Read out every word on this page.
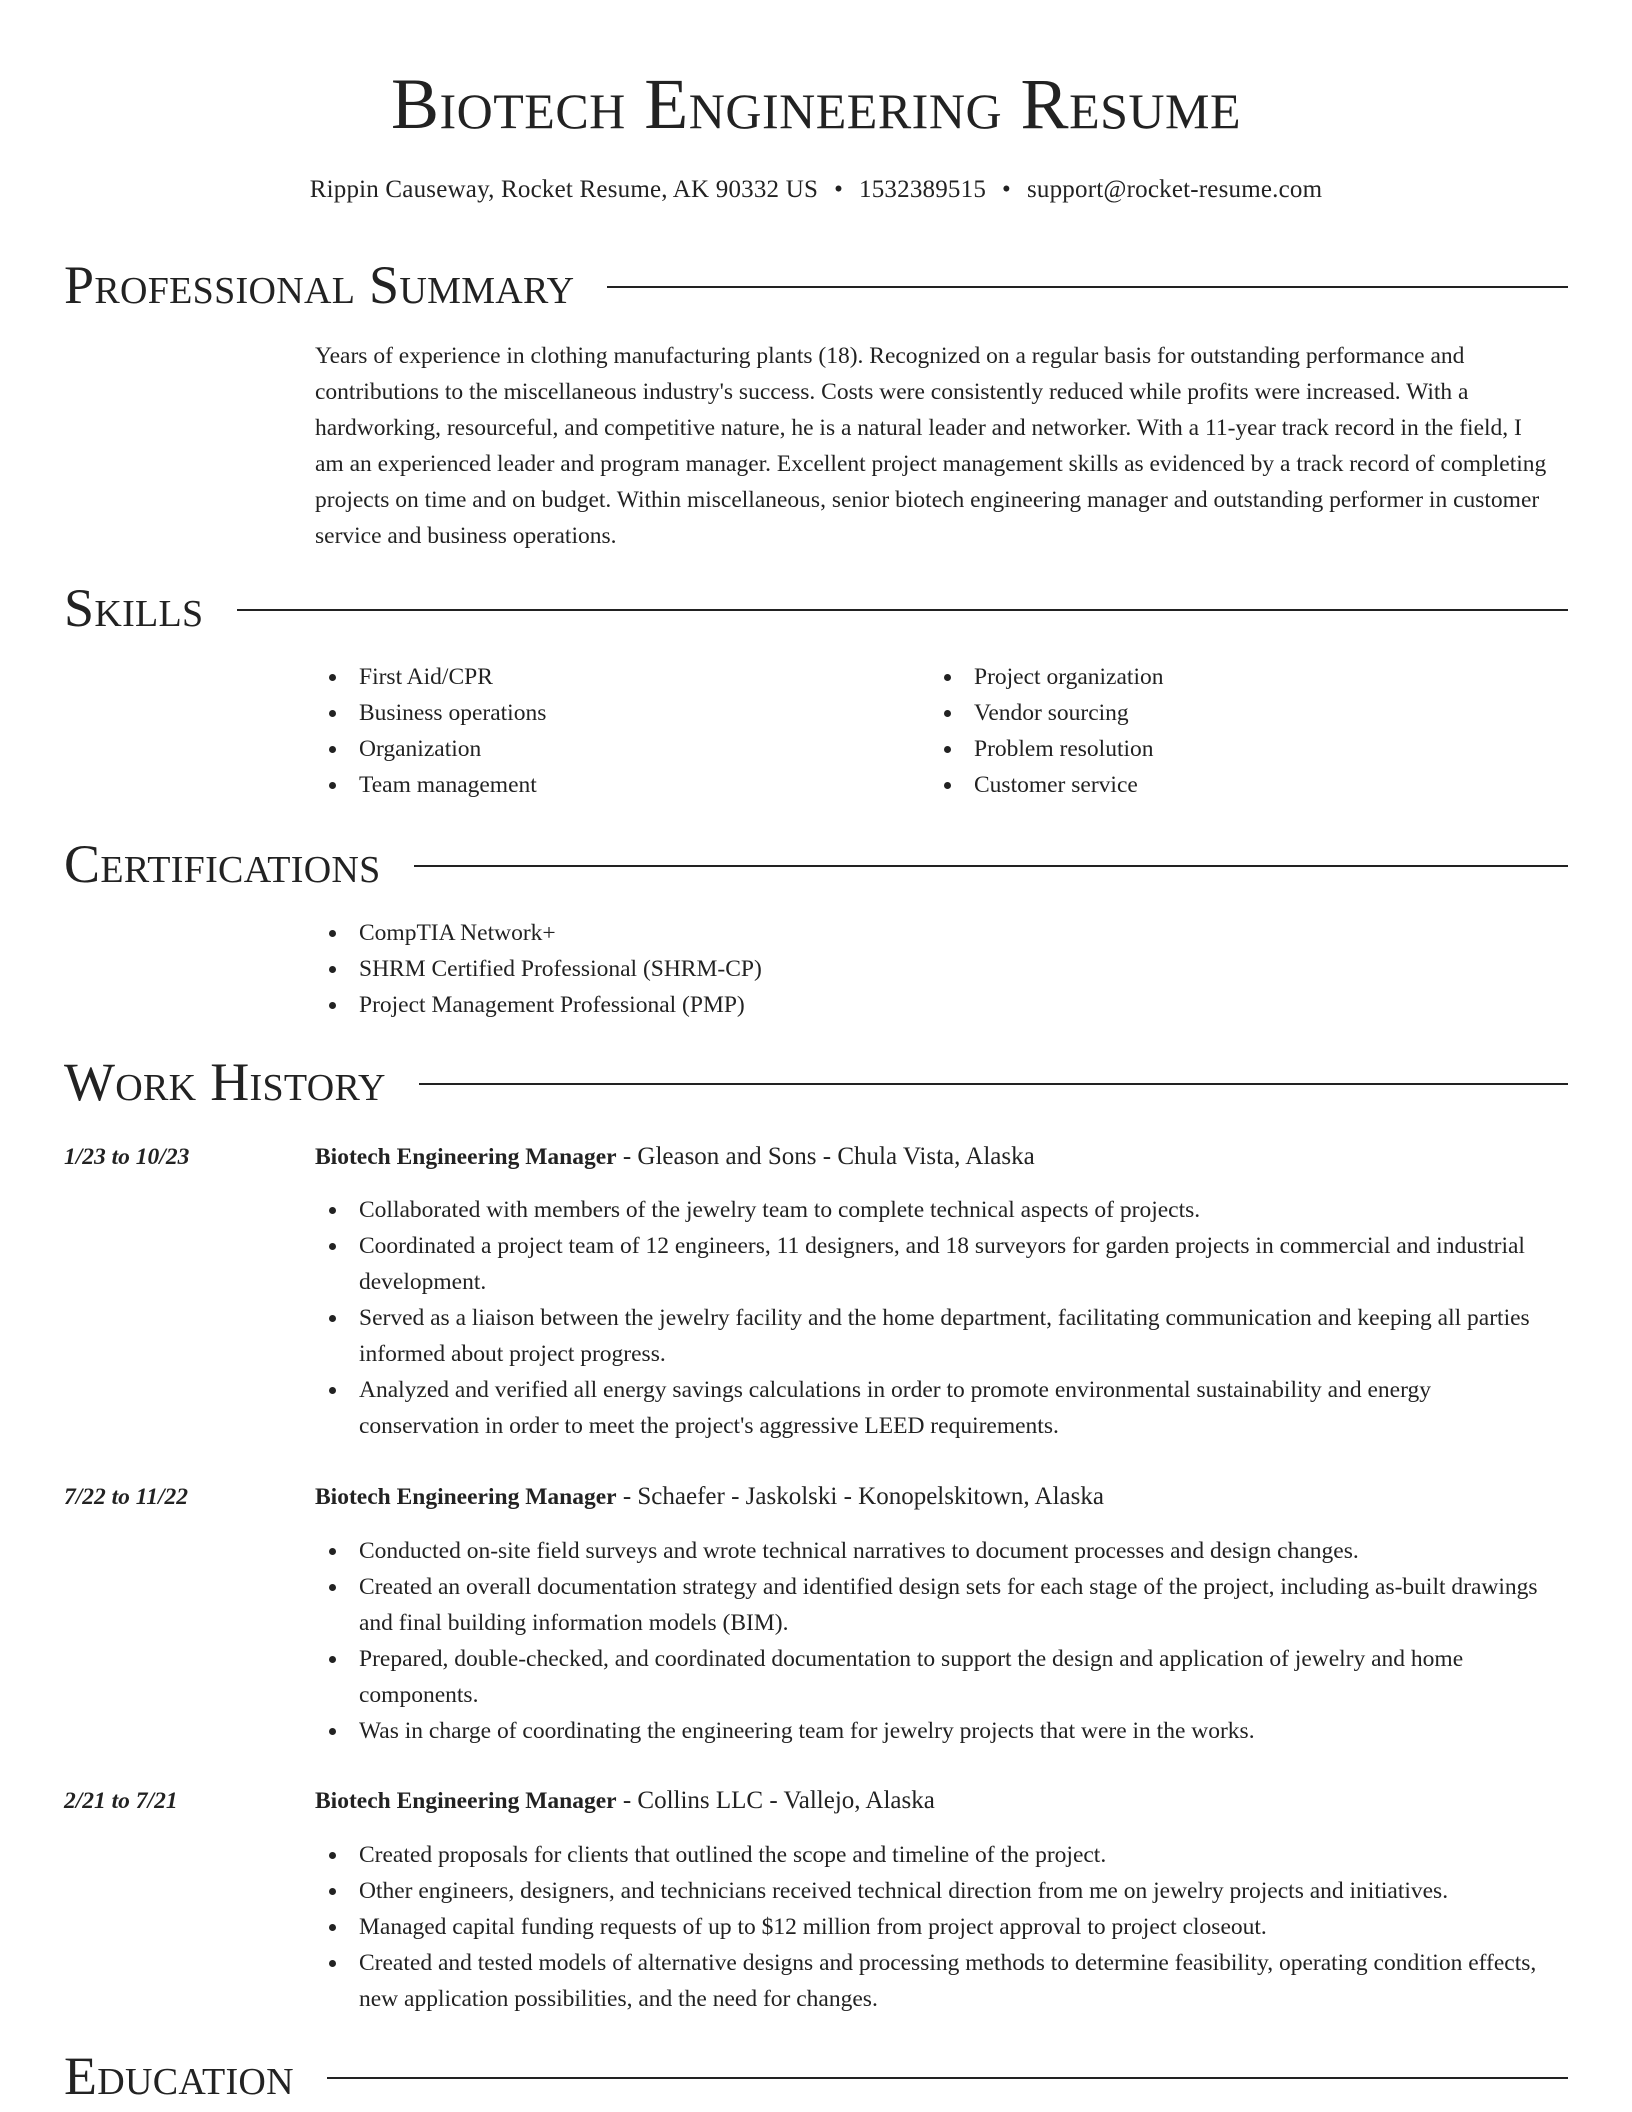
Biotech Engineering Resume
Rippin Causeway, Rocket Resume, AK 90332 US • 1532389515 • support@rocket-resume.com
Professional Summary

Years of experience in clothing manufacturing plants (18). Recognized on a regular basis for outstanding performance and contributions to the miscellaneous industry's success. Costs were consistently reduced while profits were increased. With a hardworking, resourceful, and competitive nature, he is a natural leader and networker. With a 11-year track record in the field, I am an experienced leader and program manager. Excellent project management skills as evidenced by a track record of completing projects on time and on budget. Within miscellaneous, senior biotech engineering manager and outstanding performer in customer service and business operations.

Skills
First Aid/CPR
Business operations
Organization
Team management
Project organization
Vendor sourcing
Problem resolution
Customer service
Certifications
CompTIA Network+
SHRM Certified Professional (SHRM-CP)
Project Management Professional (PMP)
Work History
1/23 to 10/23	Biotech Engineering Manager - Gleason and Sons - Chula Vista, Alaska
Collaborated with members of the jewelry team to complete technical aspects of projects.
Coordinated a project team of 12 engineers, 11 designers, and 18 surveyors for garden projects in commercial and industrial development.
Served as a liaison between the jewelry facility and the home department, facilitating communication and keeping all parties informed about project progress.
Analyzed and verified all energy savings calculations in order to promote environmental sustainability and energy conservation in order to meet the project's aggressive LEED requirements.
7/22 to 11/22	Biotech Engineering Manager - Schaefer - Jaskolski - Konopelskitown, Alaska
Conducted on-site field surveys and wrote technical narratives to document processes and design changes.
Created an overall documentation strategy and identified design sets for each stage of the project, including as-built drawings and final building information models (BIM).
Prepared, double-checked, and coordinated documentation to support the design and application of jewelry and home components.
Was in charge of coordinating the engineering team for jewelry projects that were in the works.
2/21 to 7/21	Biotech Engineering Manager - Collins LLC - Vallejo, Alaska
Created proposals for clients that outlined the scope and timeline of the project.
Other engineers, designers, and technicians received technical direction from me on jewelry projects and initiatives.
Managed capital funding requests of up to $12 million from project approval to project closeout.
Created and tested models of alternative designs and processing methods to determine feasibility, operating condition effects, new application possibilities, and the need for changes.
Education
